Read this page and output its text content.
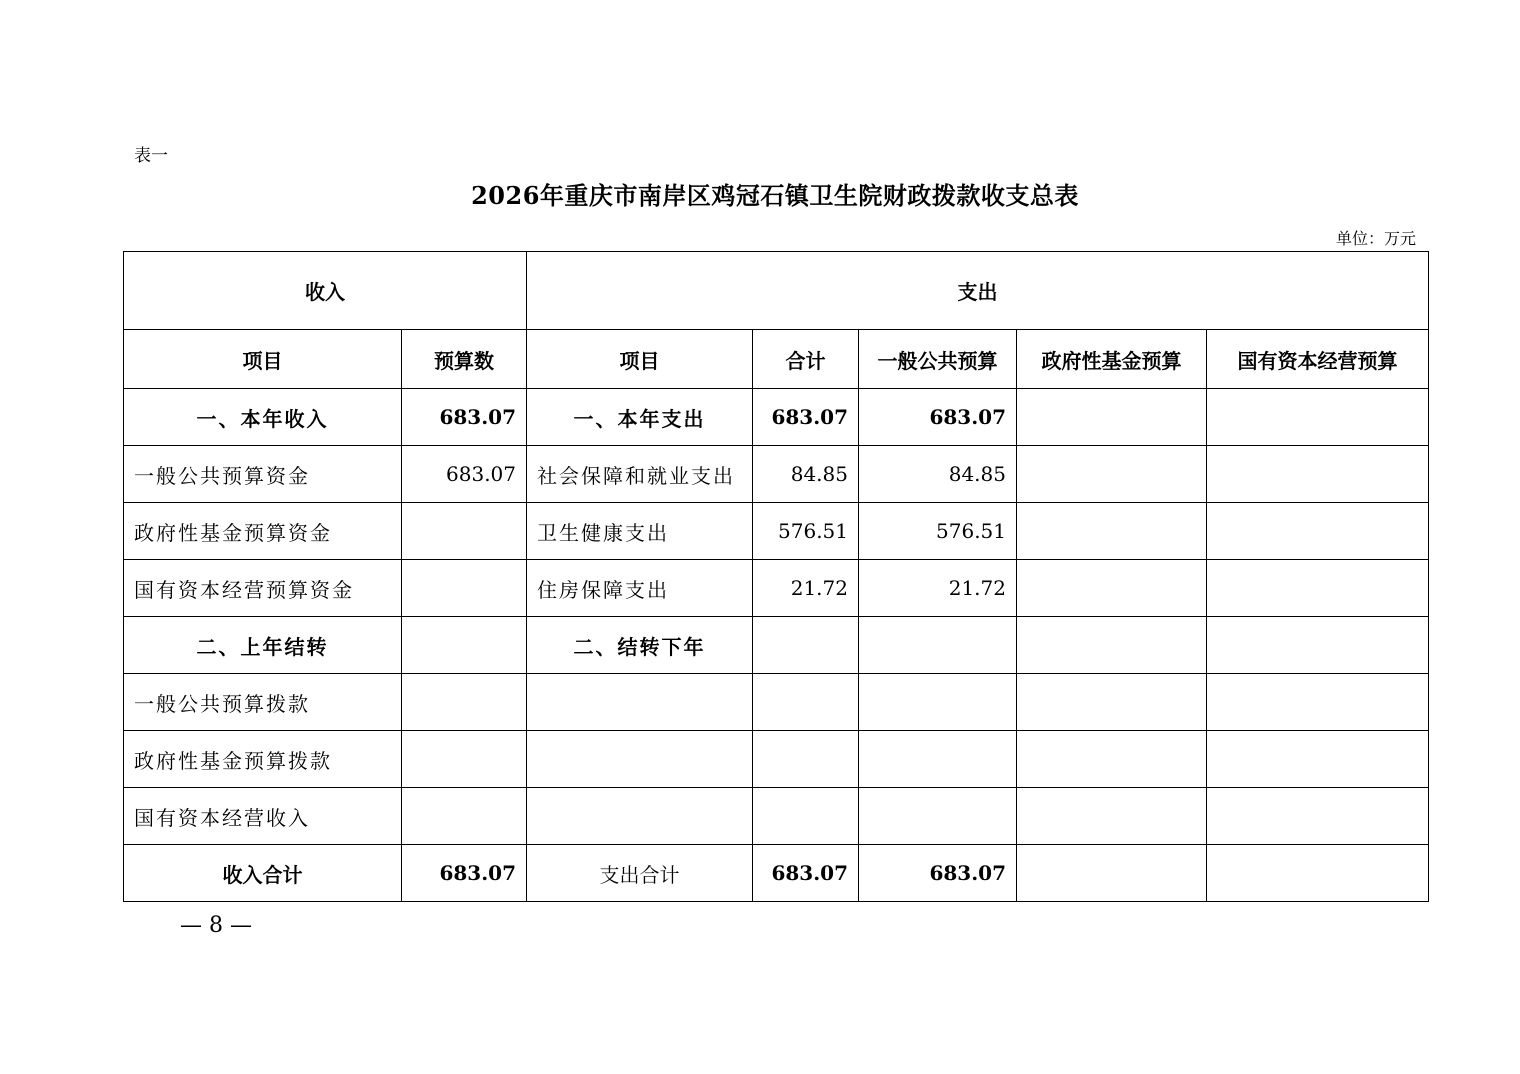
表一
2026年重庆市南岸区鸡冠石镇卫生院财政拨款收支总表
单位：万元
收入		支出				
项目	预算数	项目	合计	一般公共预算	政府性基金预算	国有资本经营预算
一、本年收入	683.07	一、本年支出	683.07	683.07		
一般公共预算资金	683.07	社会保障和就业支出	84.85	84.85		
政府性基金预算资金		卫生健康支出	576.51	576.51		
国有资本经营预算资金		住房保障支出	21.72	21.72		
二、上年结转		二、结转下年				
一般公共预算拨款						
政府性基金预算拨款						
国有资本经营收入						
收入合计	683.07	支出合计	683.07	683.07		
— 8 —
